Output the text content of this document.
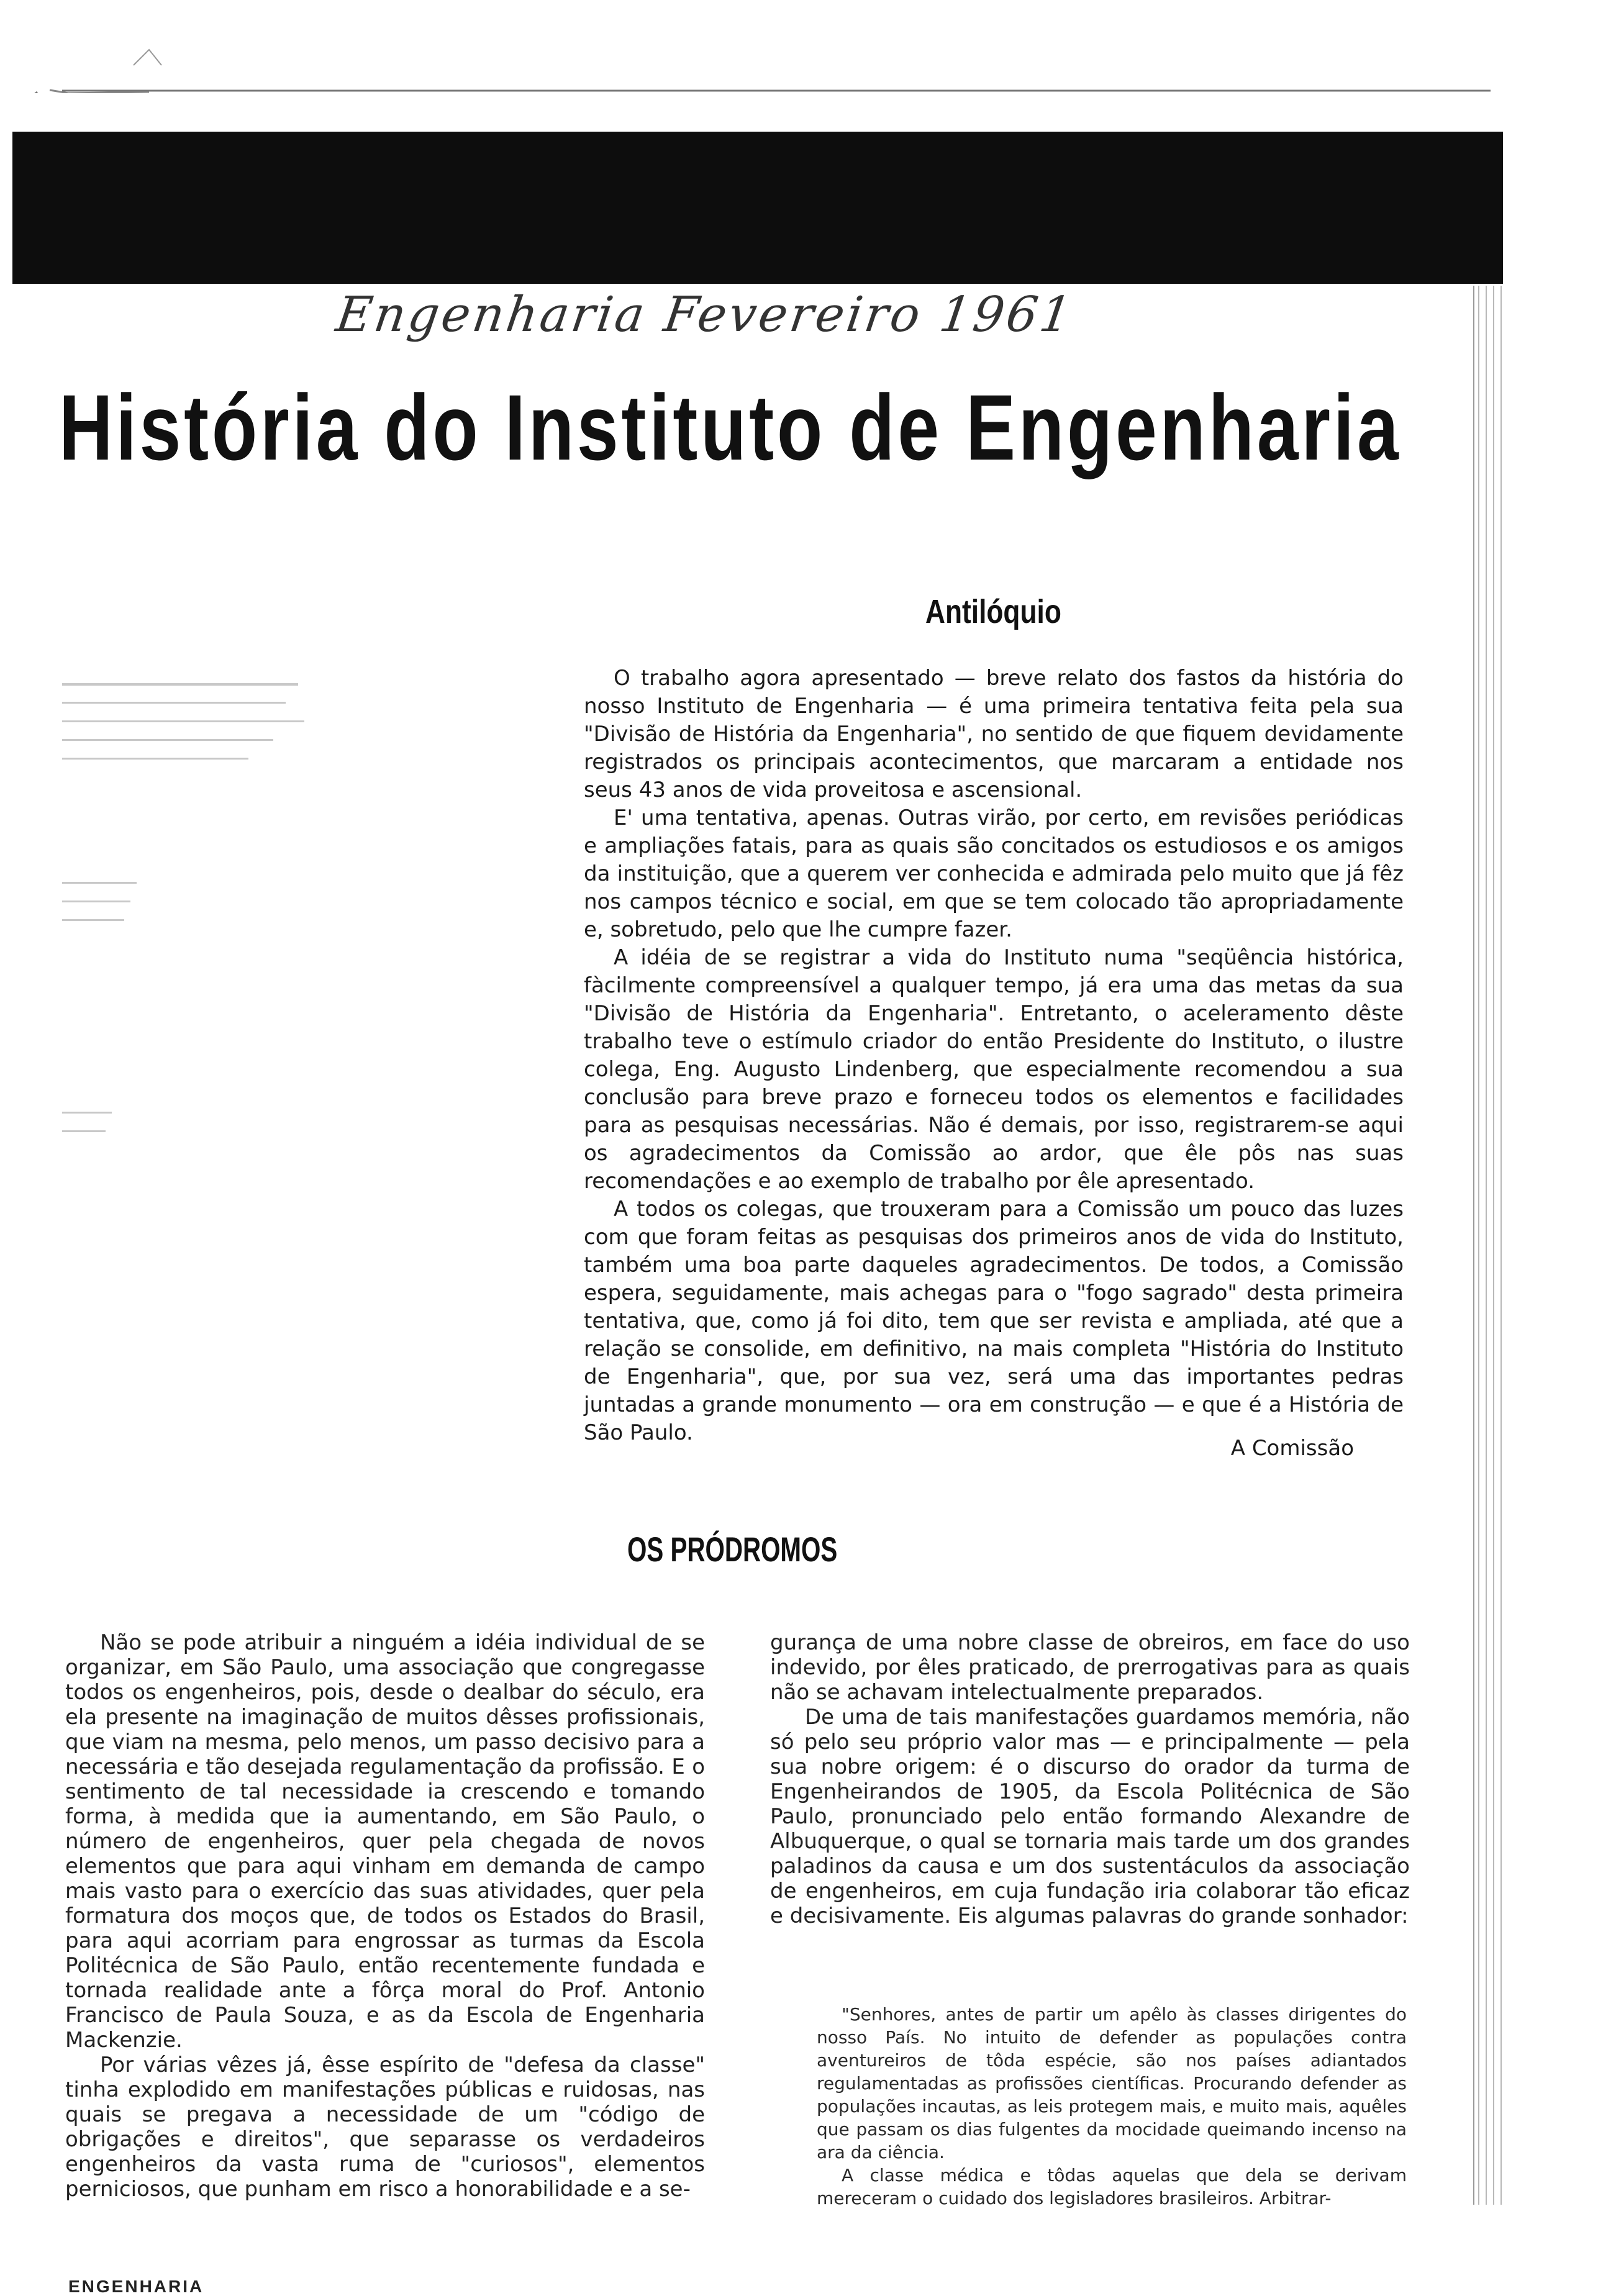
Engenharia Fevereiro 1961
História do Instituto de Engenharia
Antilóquio

O trabalho agora apresentado — breve relato dos fastos da história do nosso Instituto de Engenharia — é uma primeira tentativa feita pela sua "Divisão de História da Engenharia", no sentido de que fiquem devidamente registrados os principais acontecimentos, que marcaram a entidade nos seus 43 anos de vida proveitosa e ascensional.

E' uma tentativa, apenas. Outras virão, por certo, em revisões periódicas e ampliações fatais, para as quais são concitados os estudiosos e os amigos da instituição, que a querem ver conhecida e admirada pelo muito que já fêz nos campos técnico e social, em que se tem colocado tão apropriadamente e, sobretudo, pelo que lhe cumpre fazer.

A idéia de se registrar a vida do Instituto numa "seqüência histórica, fàcilmente compreensível a qualquer tempo, já era uma das metas da sua "Divisão de História da Engenharia". Entretanto, o aceleramento dêste trabalho teve o estímulo criador do então Presidente do Instituto, o ilustre colega, Eng. Augusto Lindenberg, que especialmente recomendou a sua conclusão para breve prazo e forneceu todos os elementos e facilidades para as pesquisas necessárias. Não é demais, por isso, registrarem-se aqui os agradecimentos da Comissão ao ardor, que êle pôs nas suas recomendações e ao exemplo de trabalho por êle apresentado.

A todos os colegas, que trouxeram para a Comissão um pouco das luzes com que foram feitas as pesquisas dos primeiros anos de vida do Instituto, também uma boa parte daqueles agradecimentos. De todos, a Comissão espera, seguidamente, mais achegas para o "fogo sagrado" desta primeira tentativa, que, como já foi dito, tem que ser revista e ampliada, até que a relação se consolide, em definitivo, na mais completa "História do Instituto de Engenharia", que, por sua vez, será uma das importantes pedras juntadas a grande monumento — ora em construção — e que é a História de São Paulo.

A Comissão
OS PRÓDROMOS

Não se pode atribuir a ninguém a idéia individual de se organizar, em São Paulo, uma associação que congregasse todos os engenheiros, pois, desde o dealbar do século, era ela presente na imaginação de muitos dêsses profissionais, que viam na mesma, pelo menos, um passo decisivo para a necessária e tão desejada regulamentação da profissão. E o sentimento de tal necessidade ia crescendo e tomando forma, à medida que ia aumentando, em São Paulo, o número de engenheiros, quer pela chegada de novos elementos que para aqui vinham em demanda de campo mais vasto para o exercício das suas atividades, quer pela formatura dos moços que, de todos os Estados do Brasil, para aqui acorriam para engrossar as turmas da Escola Politécnica de São Paulo, então recentemente fundada e tornada realidade ante a fôrça moral do Prof. Antonio Francisco de Paula Souza, e as da Escola de Engenharia Mackenzie.

Por várias vêzes já, êsse espírito de "defesa da classe" tinha explodido em manifestações públicas e ruidosas, nas quais se pregava a necessidade de um "código de obrigações e direitos", que separasse os verdadeiros engenheiros da vasta ruma de "curiosos", elementos perniciosos, que punham em risco a honorabilidade e a se-

gurança de uma nobre classe de obreiros, em face do uso indevido, por êles praticado, de prerrogativas para as quais não se achavam intelectualmente preparados.

De uma de tais manifestações guardamos memória, não só pelo seu próprio valor mas — e principalmente — pela sua nobre origem: é o discurso do orador da turma de Engenheirandos de 1905, da Escola Politécnica de São Paulo, pronunciado pelo então formando Alexandre de Albuquerque, o qual se tornaria mais tarde um dos grandes paladinos da causa e um dos sustentáculos da associação de engenheiros, em cuja fundação iria colaborar tão eficaz e decisivamente. Eis algumas palavras do grande sonhador:

"Senhores, antes de partir um apêlo às classes dirigentes do nosso País. No intuito de defender as populações contra aventureiros de tôda espécie, são nos países adiantados regulamentadas as profissões científicas. Procurando defender as populações incautas, as leis protegem mais, e muito mais, aquêles que passam os dias fulgentes da mocidade queimando incenso na ara da ciência.

A classe médica e tôdas aquelas que dela se derivam mereceram o cuidado dos legisladores brasileiros. Arbitrar-

ENGENHARIA
